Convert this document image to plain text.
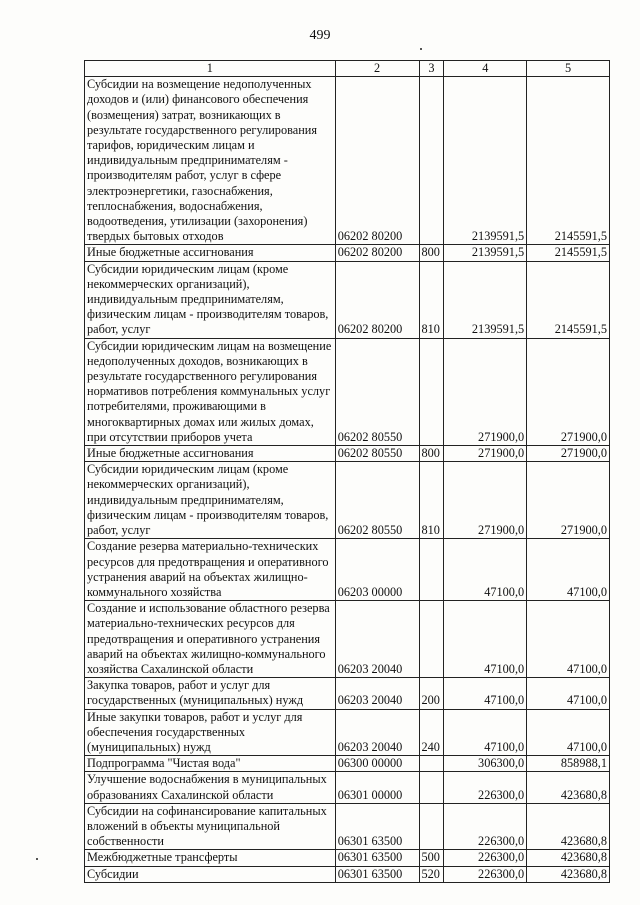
499
1	2	3	4	5
Субсидии на возмещение недополученных доходов и (или) финансового обеспечения (возмещения) затрат, возникающих в результате государственного регулирования тарифов, юридическим лицам и индивидуальным предпринимателям - производителям работ, услуг в сфере электроэнергетики, газоснабжения, теплоснабжения, водоснабжения, водоотведения, утилизации (захоронения) твердых бытовых отходов	06202 80200		2139591,5	2145591,5
Иные бюджетные ассигнования	06202 80200	800	2139591,5	2145591,5
Субсидии юридическим лицам (кроме некоммерческих организаций), индивидуальным предпринимателям, физическим лицам - производителям товаров, работ, услуг	06202 80200	810	2139591,5	2145591,5
Субсидии юридическим лицам на возмещение недополученных доходов, возникающих в результате государственного регулирования нормативов потребления коммунальных услуг потребителями, проживающими в многоквартирных домах или жилых домах, при отсутствии приборов учета	06202 80550		271900,0	271900,0
Иные бюджетные ассигнования	06202 80550	800	271900,0	271900,0
Субсидии юридическим лицам (кроме некоммерческих организаций), индивидуальным предпринимателям, физическим лицам - производителям товаров, работ, услуг	06202 80550	810	271900,0	271900,0
Создание резерва материально-технических ресурсов для предотвращения и оперативного устранения аварий на объектах жилищно-коммунального хозяйства	06203 00000		47100,0	47100,0
Создание и использование областного резерва материально-технических ресурсов для предотвращения и оперативного устранения аварий на объектах жилищно-коммунального хозяйства Сахалинской области	06203 20040		47100,0	47100,0
Закупка товаров, работ и услуг для государственных (муниципальных) нужд	06203 20040	200	47100,0	47100,0
Иные закупки товаров, работ и услуг для обеспечения государственных (муниципальных) нужд	06203 20040	240	47100,0	47100,0
Подпрограмма "Чистая вода"	06300 00000		306300,0	858988,1
Улучшение водоснабжения в муниципальных образованиях Сахалинской области	06301 00000		226300,0	423680,8
Субсидии на софинансирование капитальных вложений в объекты муниципальной собственности	06301 63500		226300,0	423680,8
Межбюджетные трансферты	06301 63500	500	226300,0	423680,8
Субсидии	06301 63500	520	226300,0	423680,8
